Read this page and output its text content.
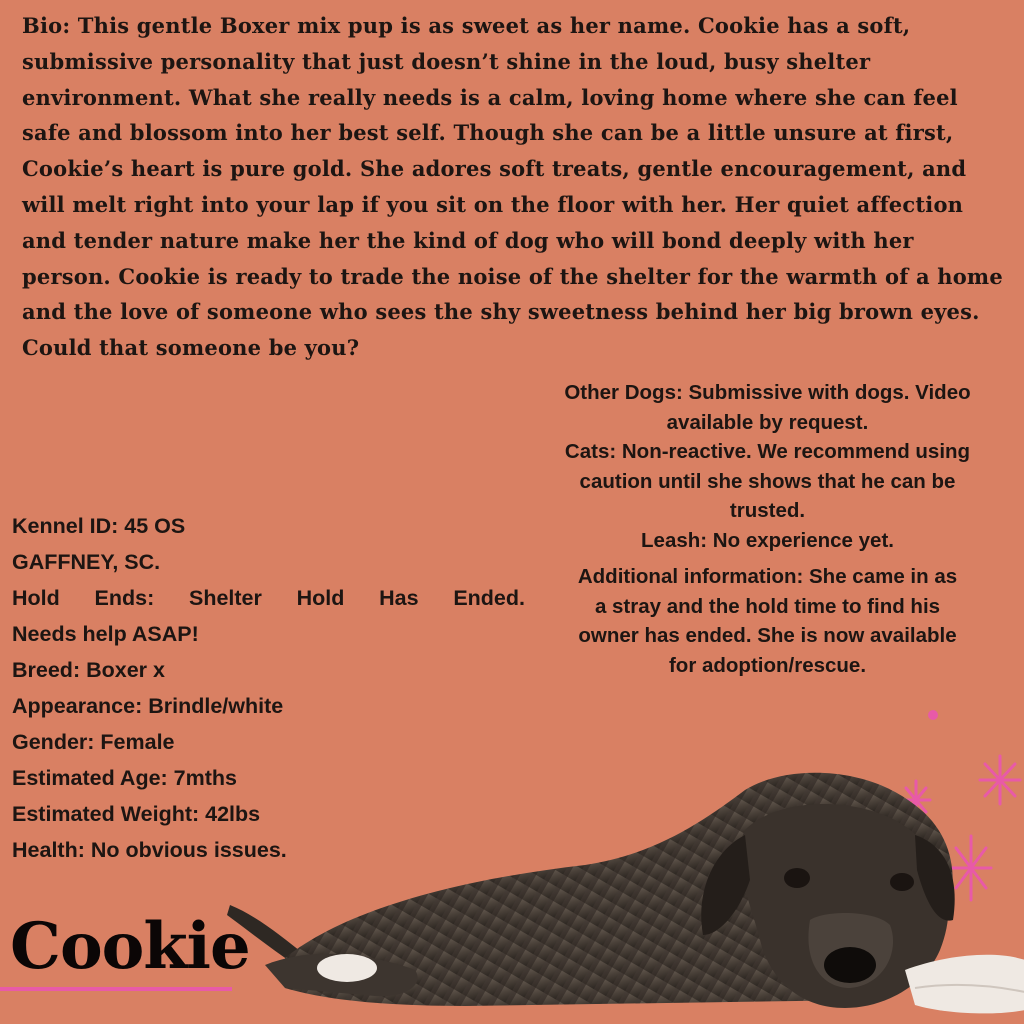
Bio: This gentle Boxer mix pup is as sweet as her name. Cookie has a soft, submissive personality that just doesn’t shine in the loud, busy shelter environment. What she really needs is a calm, loving home where she can feel safe and blossom into her best self. Though she can be a little unsure at first, Cookie’s heart is pure gold. She adores soft treats, gentle encouragement, and will melt right into your lap if you sit on the floor with her. Her quiet affection and tender nature make her the kind of dog who will bond deeply with her person. Cookie is ready to trade the noise of the shelter for the warmth of a home and the love of someone who sees the shy sweetness behind her big brown eyes. Could that someone be you?

Other Dogs: Submissive with dogs. Video

available by request.

Cats: Non-reactive. We recommend using

caution until she shows that he can be

trusted.

Leash: No experience yet.

Additional information: She came in as

a stray and the hold time to find his

owner has ended. She is now available

for adoption/rescue.

Kennel ID: 45 OS

GAFFNEY, SC.

Hold Ends: Shelter Hold Has Ended.

Needs help ASAP!

Breed: Boxer x

Appearance: Brindle/white

Gender: Female

Estimated Age: 7mths

Estimated Weight: 42lbs

Health: No obvious issues.

Cookie
